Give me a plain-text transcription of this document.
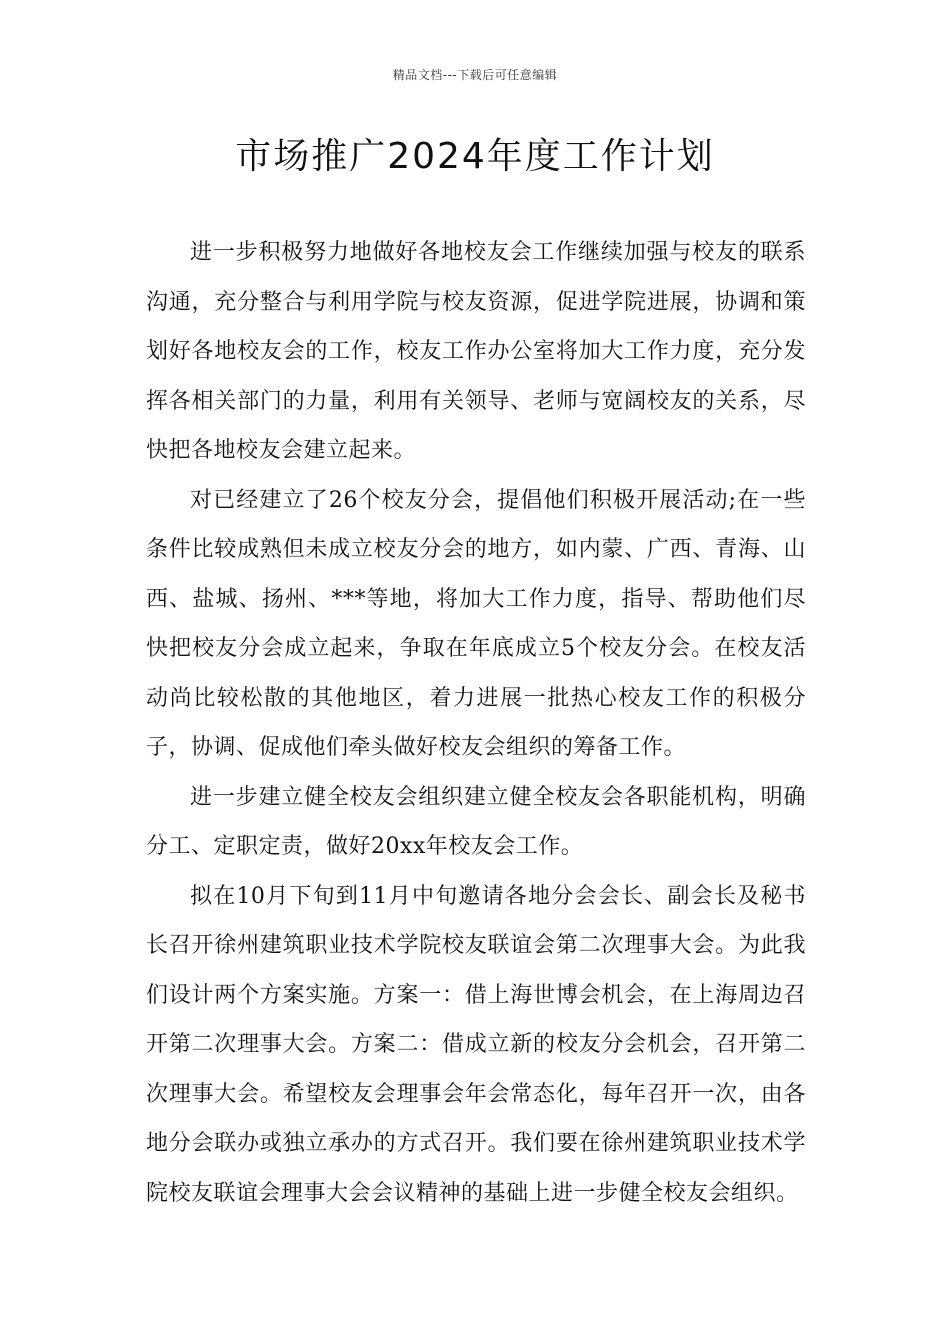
精品文档---下载后可任意编辑
市场推广2024年度工作计划

进一步积极努力地做好各地校友会工作继续加强与校友的联系沟通，充分整合与利用学院与校友资源，促进学院进展，协调和策划好各地校友会的工作，校友工作办公室将加大工作力度，充分发挥各相关部门的力量，利用有关领导、老师与宽阔校友的关系，尽快把各地校友会建立起来。

对已经建立了26个校友分会，提倡他们积极开展活动;在一些条件比较成熟但未成立校友分会的地方，如内蒙、广西、青海、山西、盐城、扬州、***等地，将加大工作力度，指导、帮助他们尽快把校友分会成立起来，争取在年底成立5个校友分会。在校友活动尚比较松散的其他地区，着力进展一批热心校友工作的积极分子，协调、促成他们牵头做好校友会组织的筹备工作。

进一步建立健全校友会组织建立健全校友会各职能机构，明确分工、定职定责，做好20xx年校友会工作。

拟在10月下旬到11月中旬邀请各地分会会长、副会长及秘书长召开徐州建筑职业技术学院校友联谊会第二次理事大会。为此我们设计两个方案实施。方案一：借上海世博会机会，在上海周边召开第二次理事大会。方案二：借成立新的校友分会机会，召开第二次理事大会。希望校友会理事会年会常态化，每年召开一次，由各地分会联办或独立承办的方式召开。我们要在徐州建筑职业技术学院校友联谊会理事大会会议精神的基础上进一步健全校友会组织。
